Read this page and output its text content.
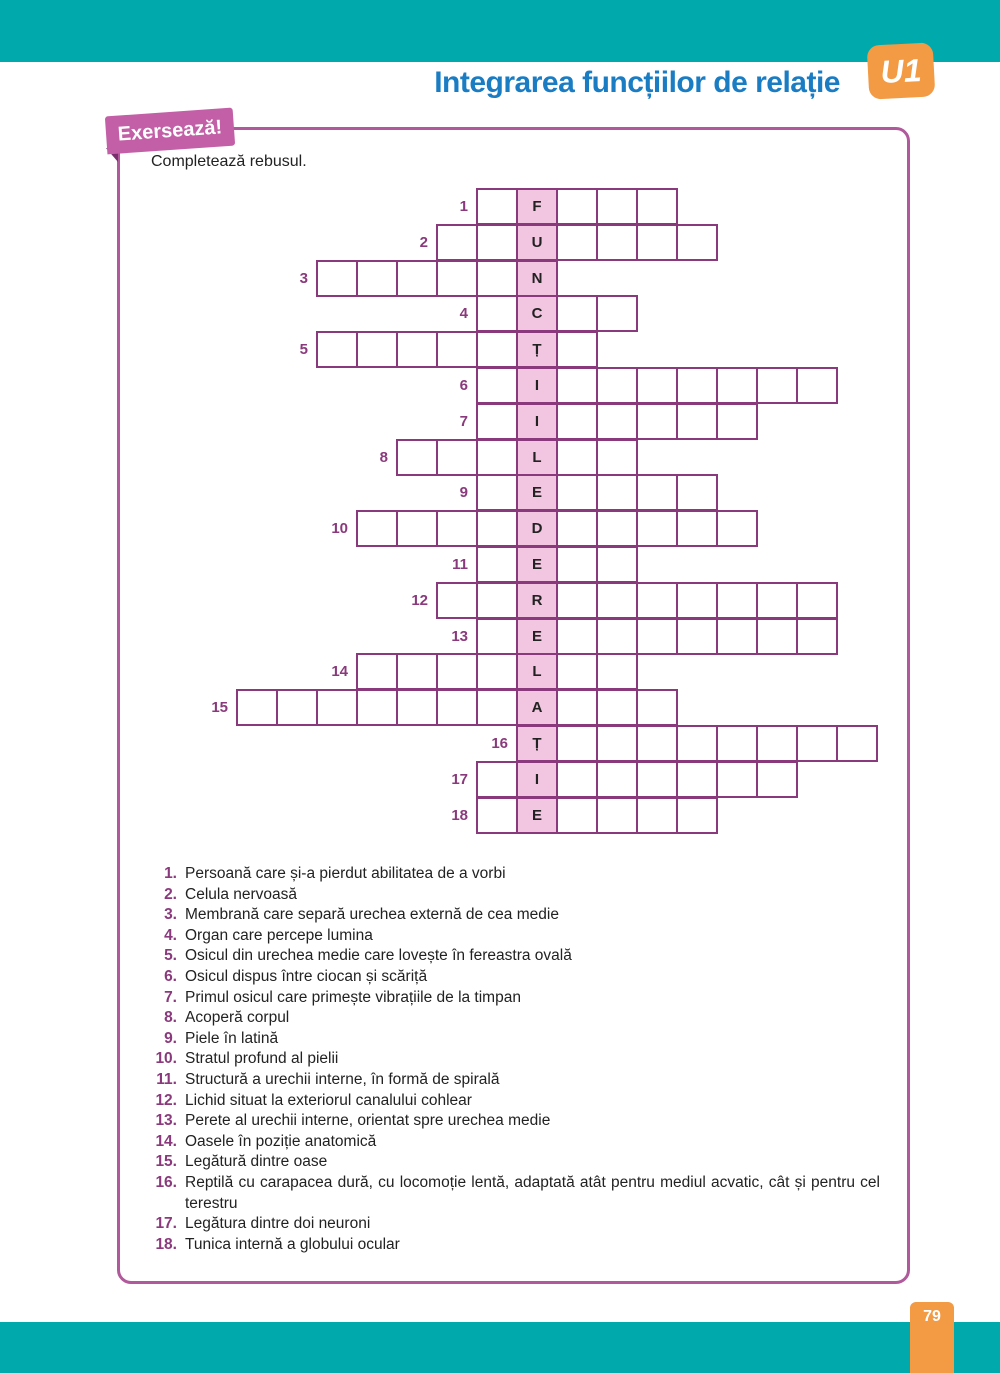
Integrarea funcțiilor de relație	U1
Exersează!
Completează rebusul.
F
1
U
2
N
3
C
4
Ț
5
I
6
I
7
L
8
E
9
D
10
E
11
R
12
E
13
L
14
A
15
Ț
16
I
17
E
18
1. Persoană care și-a pierdut abilitatea de a vorbi
2. Celula nervoasă
3. Membrană care separă urechea externă de cea medie
4. Organ care percepe lumina
5. Osicul din urechea medie care lovește în fereastra ovală
6. Osicul dispus între ciocan și scăriță
7. Primul osicul care primește vibrațiile de la timpan
8. Acoperă corpul
9. Piele în latină
10. Stratul profund al pielii
11. Structură a urechii interne, în formă de spirală
12. Lichid situat la exteriorul canalului cohlear
13. Perete al urechii interne, orientat spre urechea medie
14. Oasele în poziție anatomică
15. Legătură dintre oase
16. Reptilă cu carapacea dură, cu locomoție lentă, adaptată atât pentru mediul acvatic, cât și pentru cel terestru
17. Legătura dintre doi neuroni
18. Tunica internă a globului ocular
79
